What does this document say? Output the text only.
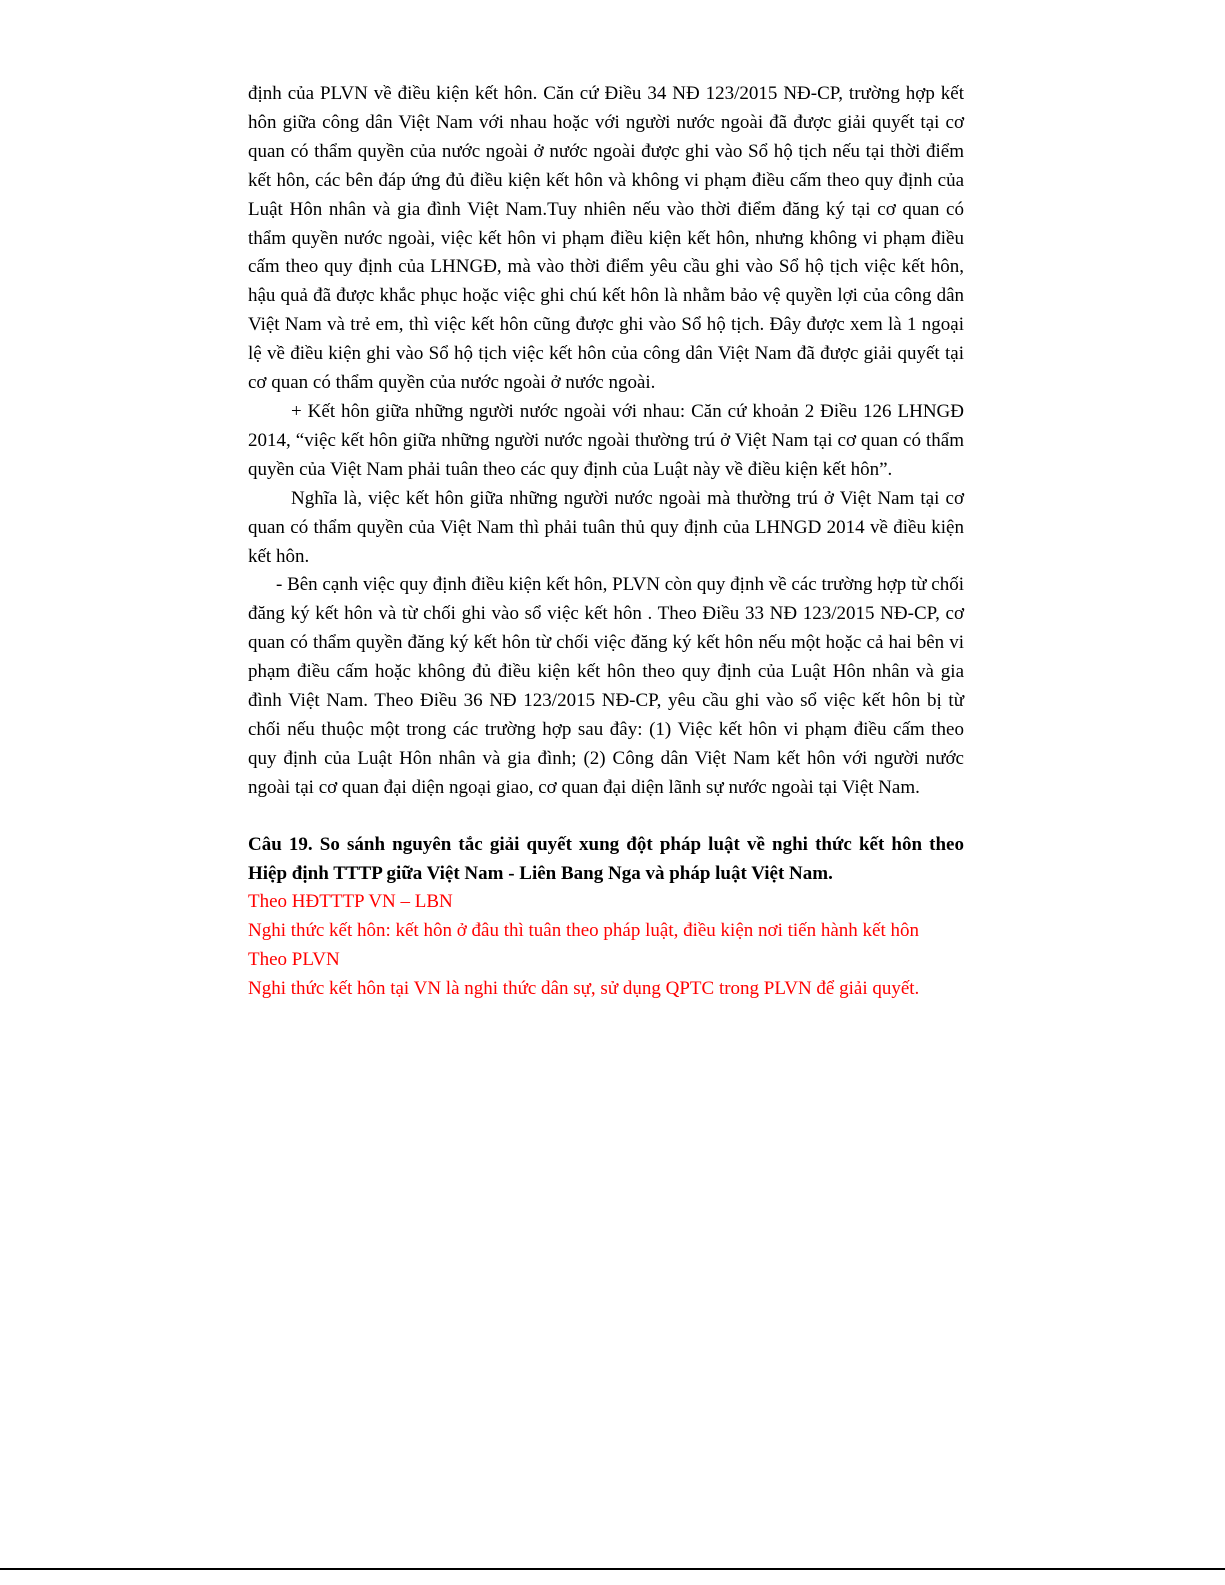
định của PLVN về điều kiện kết hôn. Căn cứ Điều 34 NĐ 123/2015 NĐ-CP, trường hợp kết hôn giữa công dân Việt Nam với nhau hoặc với người nước ngoài đã được giải quyết tại cơ quan có thẩm quyền của nước ngoài ở nước ngoài được ghi vào Sổ hộ tịch nếu tại thời điểm kết hôn, các bên đáp ứng đủ điều kiện kết hôn và không vi phạm điều cấm theo quy định của Luật Hôn nhân và gia đình Việt Nam.Tuy nhiên nếu vào thời điểm đăng ký tại cơ quan có thẩm quyền nước ngoài, việc kết hôn vi phạm điều kiện kết hôn, nhưng không vi phạm điều cấm theo quy định của LHNGĐ, mà vào thời điểm yêu cầu ghi vào Sổ hộ tịch việc kết hôn, hậu quả đã được khắc phục hoặc việc ghi chú kết hôn là nhằm bảo vệ quyền lợi của công dân Việt Nam và trẻ em, thì việc kết hôn cũng được ghi vào Sổ hộ tịch. Đây được xem là 1 ngoại lệ về điều kiện ghi vào Sổ hộ tịch việc kết hôn của công dân Việt Nam đã được giải quyết tại cơ quan có thẩm quyền của nước ngoài ở nước ngoài.

+ Kết hôn giữa những người nước ngoài với nhau: Căn cứ khoản 2 Điều 126 LHNGĐ 2014, “việc kết hôn giữa những người nước ngoài thường trú ở Việt Nam tại cơ quan có thẩm quyền của Việt Nam phải tuân theo các quy định của Luật này về điều kiện kết hôn”.

Nghĩa là, việc kết hôn giữa những người nước ngoài mà thường trú ở Việt Nam tại cơ quan có thẩm quyền của Việt Nam thì phải tuân thủ quy định của LHNGD 2014 về điều kiện kết hôn.

- Bên cạnh việc quy định điều kiện kết hôn, PLVN còn quy định về các trường hợp từ chối đăng ký kết hôn và từ chối ghi vào sổ việc kết hôn . Theo Điều 33 NĐ 123/2015 NĐ-CP, cơ quan có thẩm quyền đăng ký kết hôn từ chối việc đăng ký kết hôn nếu một hoặc cả hai bên vi phạm điều cấm hoặc không đủ điều kiện kết hôn theo quy định của Luật Hôn nhân và gia đình Việt Nam. Theo Điều 36 NĐ 123/2015 NĐ-CP, yêu cầu ghi vào sổ việc kết hôn bị từ chối nếu thuộc một trong các trường hợp sau đây: (1) Việc kết hôn vi phạm điều cấm theo quy định của Luật Hôn nhân và gia đình; (2) Công dân Việt Nam kết hôn với người nước ngoài tại cơ quan đại diện ngoại giao, cơ quan đại diện lãnh sự nước ngoài tại Việt Nam.

Câu 19. So sánh nguyên tắc giải quyết xung đột pháp luật về nghi thức kết hôn theo Hiệp định TTTP giữa Việt Nam - Liên Bang Nga và pháp luật Việt Nam.

Theo HĐTTTP VN – LBN

Nghi thức kết hôn: kết hôn ở đâu thì tuân theo pháp luật, điều kiện nơi tiến hành kết hôn

Theo PLVN

Nghi thức kết hôn tại VN là nghi thức dân sự, sử dụng QPTC trong PLVN để giải quyết.
